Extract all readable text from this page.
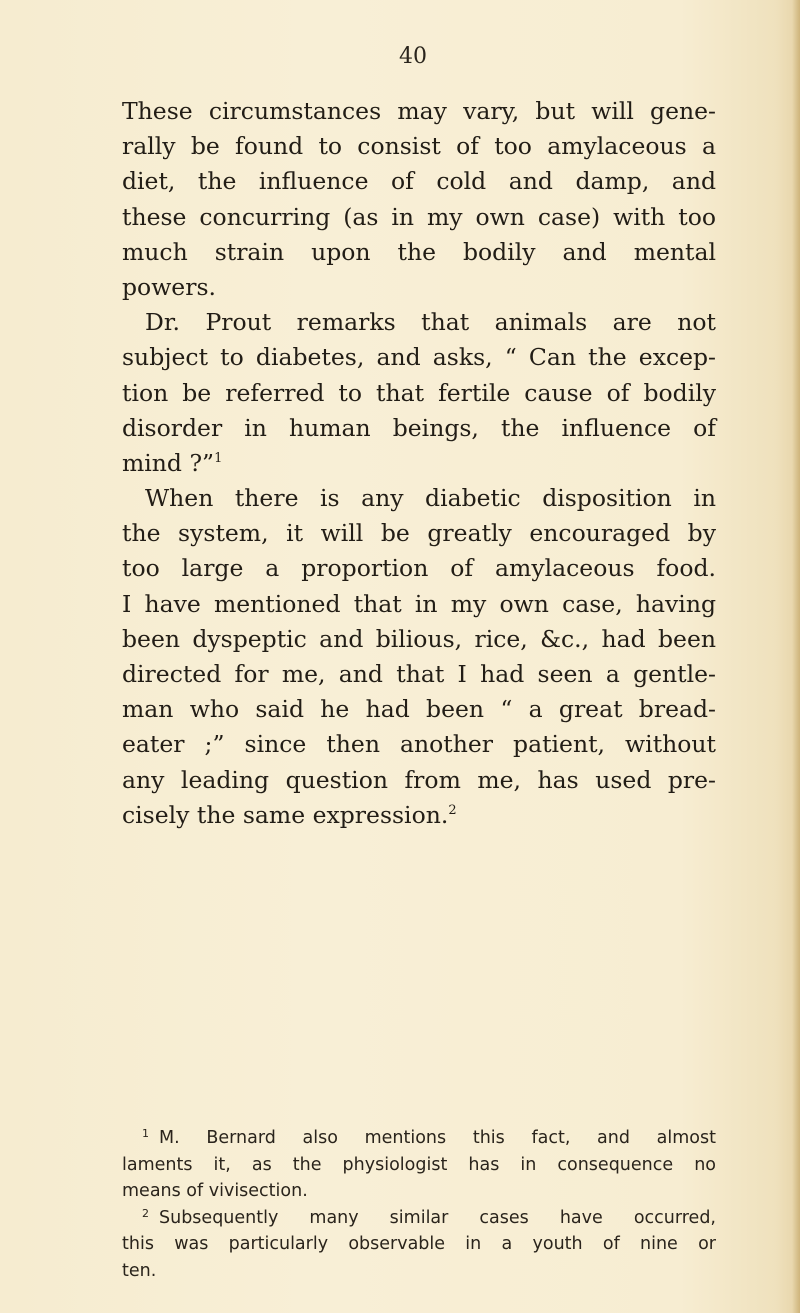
40
These circumstances may vary, but will gene-
rally be found to consist of too amylaceous a
diet, the influence of cold and damp, and
these concurring (as in my own case) with too
much strain upon the bodily and mental
powers.
Dr. Prout remarks that animals are not
subject to diabetes, and asks, “ Can the excep-
tion be referred to that fertile cause of bodily
disorder in human beings, the influence of
mind ?”$^1$
When there is any diabetic disposition in
the system, it will be greatly encouraged by
too large a proportion of amylaceous food.
I have mentioned that in my own case, having
been dyspeptic and bilious, rice, &c., had been
directed for me, and that I had seen a gentle-
man who said he had been “ a great bread-
eater ;” since then another patient, without
any leading question from me, has used pre-
cisely the same expression.$^2$
$^1$ M. Bernard also mentions this fact, and almost
laments it, as the physiologist has in consequence no
means of vivisection.
$^2$ Subsequently many similar cases have occurred,
this was particularly observable in a youth of nine or
ten.
